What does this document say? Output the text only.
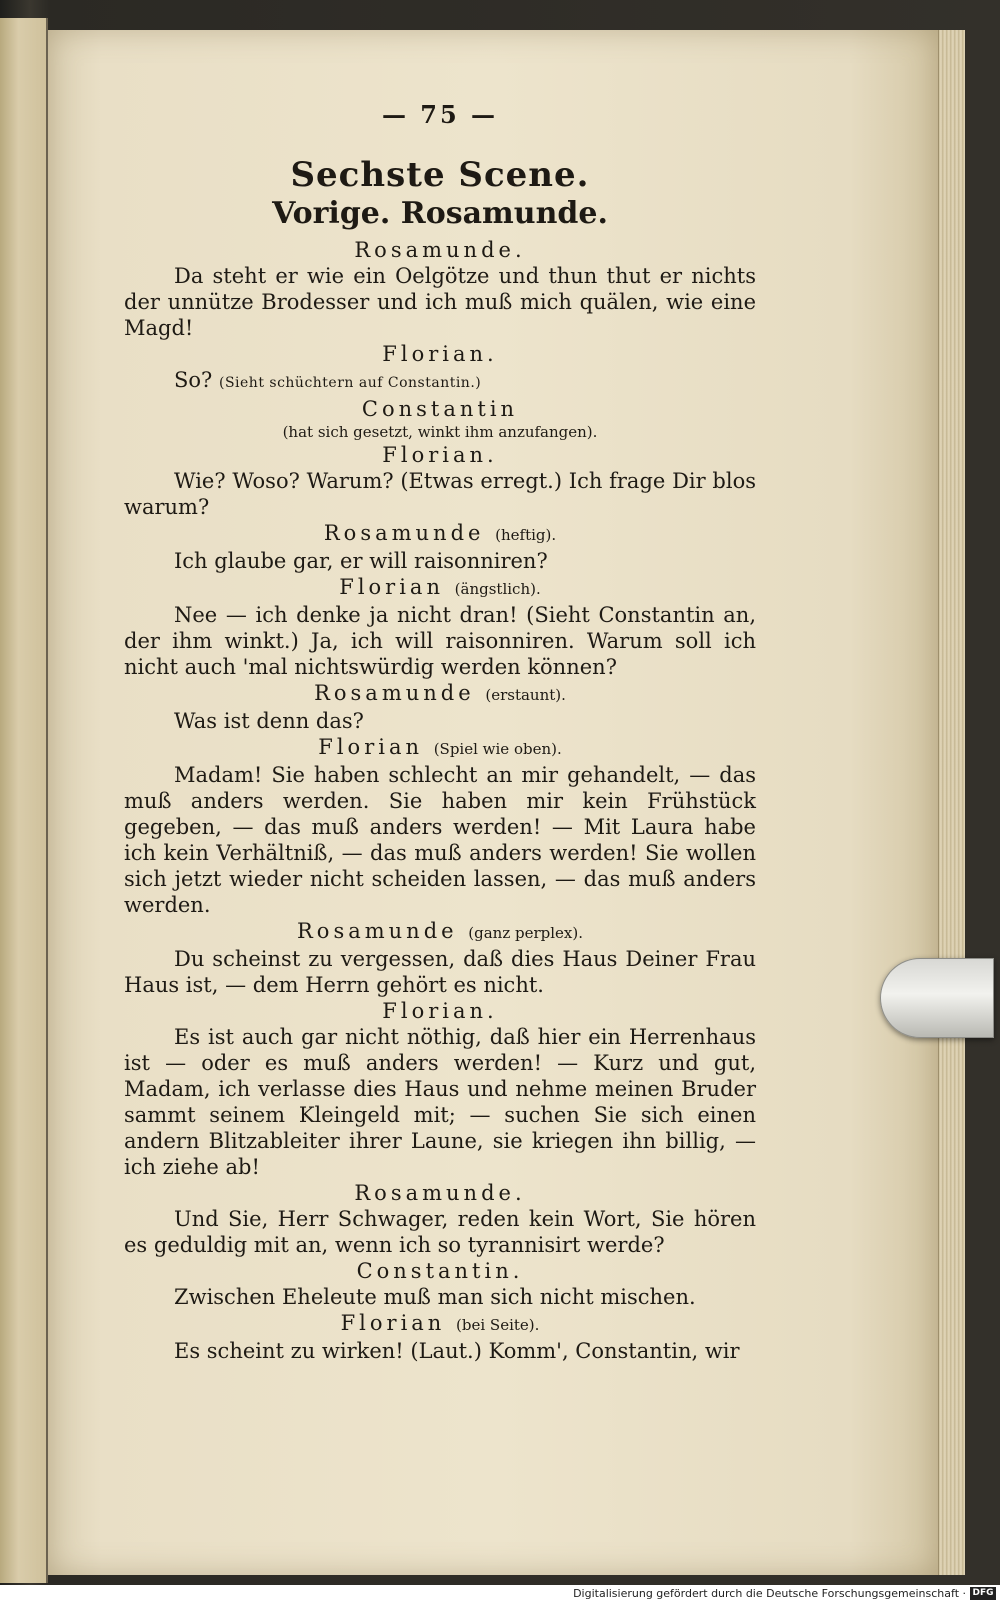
— 75 —
Sechste Scene.
Vorige. Rosamunde.
Rosamunde.
Da steht er wie ein Oelgötze und thun thut er nichts der unnütze Brodesser und ich muß mich quälen, wie eine Magd!
Florian.
So? (Sieht schüchtern auf Constantin.)
Constantin
(hat sich gesetzt, winkt ihm anzufangen).
Florian.
Wie? Woso? Warum? (Etwas erregt.) Ich frage Dir blos warum?
Rosamunde (heftig).
Ich glaube gar, er will raisonniren?
Florian (ängstlich).
Nee — ich denke ja nicht dran! (Sieht Constantin an, der ihm winkt.) Ja, ich will raisonniren. Warum soll ich nicht auch 'mal nichtswürdig werden können?
Rosamunde (erstaunt).
Was ist denn das?
Florian (Spiel wie oben).
Madam! Sie haben schlecht an mir gehandelt, — das muß anders werden. Sie haben mir kein Frühstück gegeben, — das muß anders werden! — Mit Laura habe ich kein Verhältniß, — das muß anders werden! Sie wollen sich jetzt wieder nicht scheiden lassen, — das muß anders werden.
Rosamunde (ganz perplex).
Du scheinst zu vergessen, daß dies Haus Deiner Frau Haus ist, — dem Herrn gehört es nicht.
Florian.
Es ist auch gar nicht nöthig, daß hier ein Herrenhaus ist — oder es muß anders werden! — Kurz und gut, Madam, ich verlasse dies Haus und nehme meinen Bruder sammt seinem Kleingeld mit; — suchen Sie sich einen andern Blitzableiter ihrer Laune, sie kriegen ihn billig, — ich ziehe ab!
Rosamunde.
Und Sie, Herr Schwager, reden kein Wort, Sie hören es geduldig mit an, wenn ich so tyrannisirt werde?
Constantin.
Zwischen Eheleute muß man sich nicht mischen.
Florian (bei Seite).
Es scheint zu wirken! (Laut.) Komm', Constantin, wir
Digitalisierung gefördert durch die Deutsche Forschungsgemeinschaft · DFG
